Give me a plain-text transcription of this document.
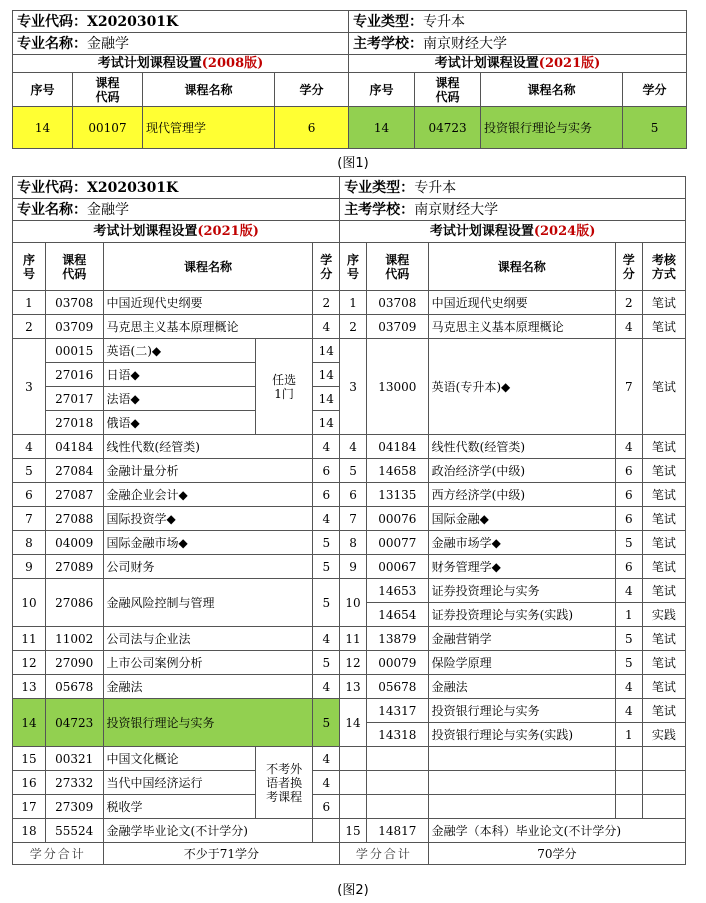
专业代码：X2020301K				专业类型：专升本			
专业名称：金融学				主考学校：南京财经大学			
考试计划课程设置(2008版)				考试计划课程设置(2021版)			
序号	课程代码	课程名称	学分	序号	课程代码	课程名称	学分
14	00107	现代管理学	6	14	04723	投资银行理论与实务	5
(图1)
专业代码：X2020301K					专业类型：专升本				
专业名称：金融学					主考学校：南京财经大学				
考试计划课程设置(2021版)					考试计划课程设置(2024版)				
序号	课程代码	课程名称		学分	序号	课程代码	课程名称	学分	考核方式
1	03708	中国近现代史纲要		2	1	03708	中国近现代史纲要	2	笔试
2	03709	马克思主义基本原理概论		4	2	03709	马克思主义基本原理概论	4	笔试
3	00015	英语(二)◆	任选1门	14	3	13000	英语(专升本)◆	7	笔试
	27016	日语◆		14					
	27017	法语◆		14					
	27018	俄语◆		14					
4	04184	线性代数(经管类)		4	4	04184	线性代数(经管类)	4	笔试
5	27084	金融计量分析		6	5	14658	政治经济学(中级)	6	笔试
6	27087	金融企业会计◆		6	6	13135	西方经济学(中级)	6	笔试
7	27088	国际投资学◆		4	7	00076	国际金融◆	6	笔试
8	04009	国际金融市场◆		5	8	00077	金融市场学◆	5	笔试
9	27089	公司财务		5	9	00067	财务管理学◆	6	笔试
10	27086	金融风险控制与管理		5	10	14653	证券投资理论与实务	4	笔试
						14654	证券投资理论与实务(实践)	1	实践
11	11002	公司法与企业法		4	11	13879	金融营销学	5	笔试
12	27090	上市公司案例分析		5	12	00079	保险学原理	5	笔试
13	05678	金融法		4	13	05678	金融法	4	笔试
14	04723	投资银行理论与实务		5	14	14317	投资银行理论与实务	4	笔试
						14318	投资银行理论与实务(实践)	1	实践
15	00321	中国文化概论	不考外语者换考课程	4					
16	27332	当代中国经济运行		4					
17	27309	税收学		6					
18	55524	金融学毕业论文(不计学分)			15	14817	金融学（本科）毕业论文(不计学分)		
学分合计		不少于71学分			学分合计		70学分		
(图2)
